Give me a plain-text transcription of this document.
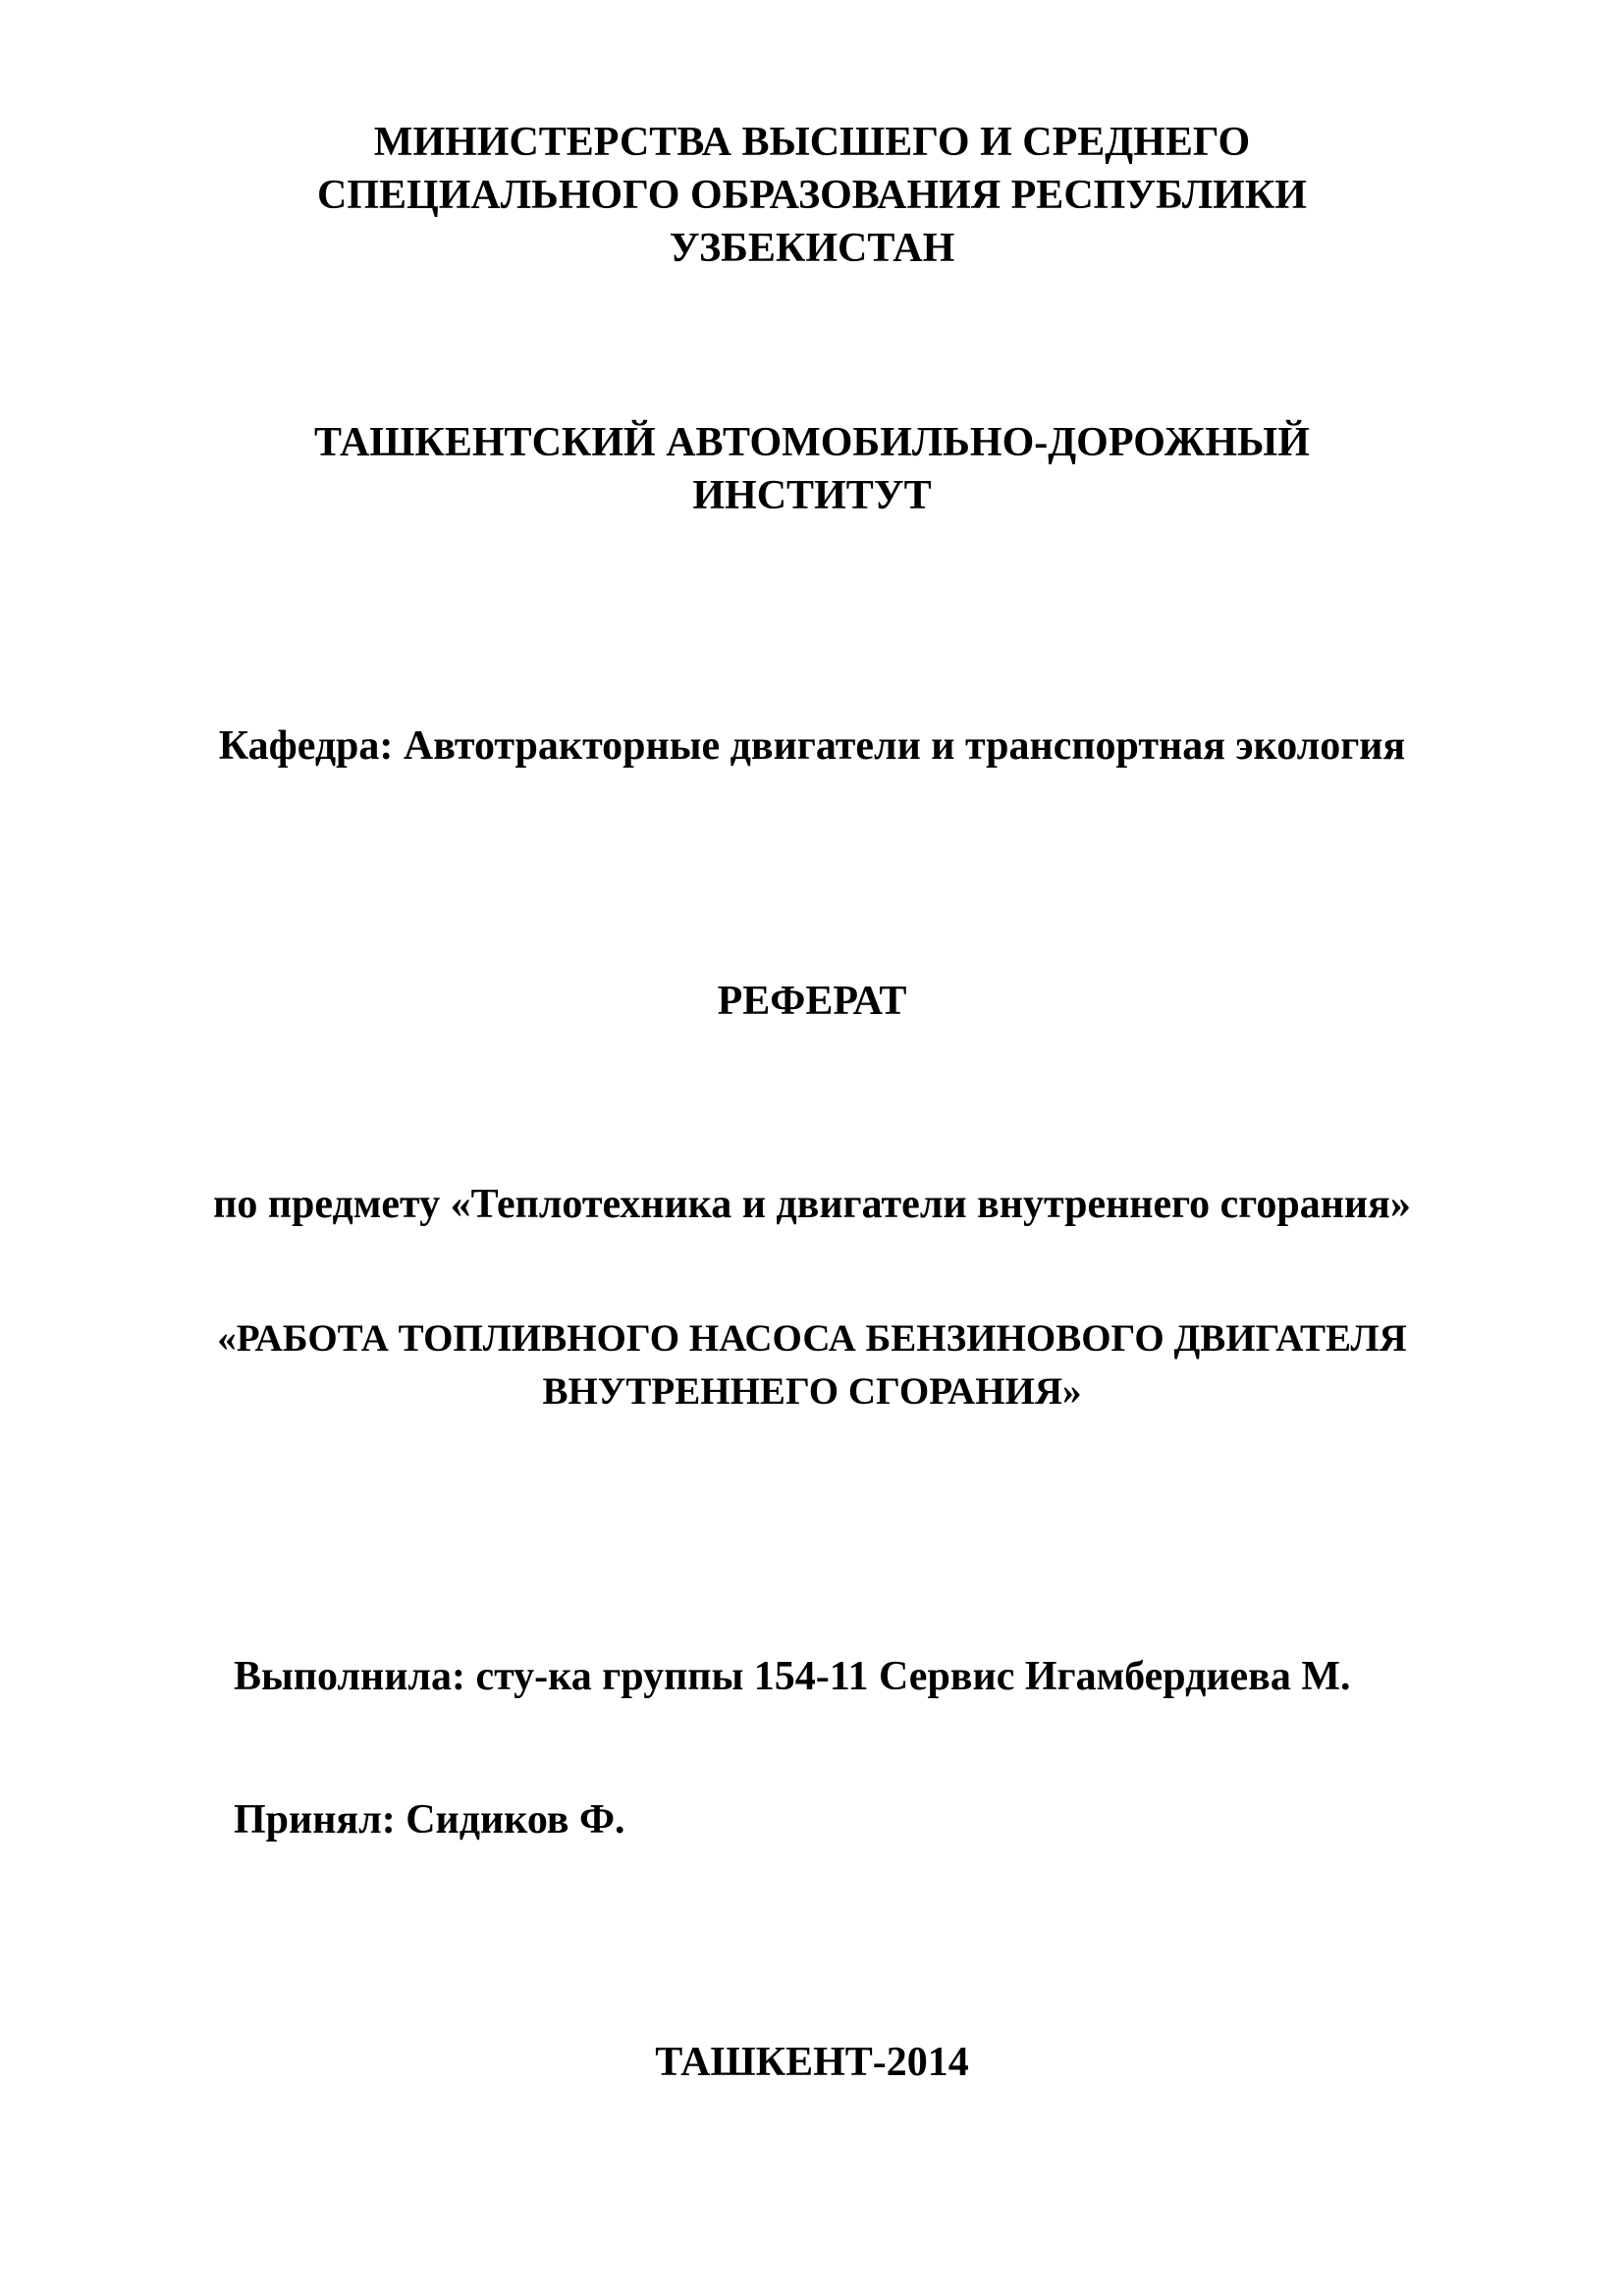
МИНИСТЕРСТВА ВЫСШЕГО И СРЕДНЕГО
СПЕЦИАЛЬНОГО ОБРАЗОВАНИЯ РЕСПУБЛИКИ
УЗБЕКИСТАН
ТАШКЕНТСКИЙ АВТОМОБИЛЬНО-ДОРОЖНЫЙ
ИНСТИТУТ
Кафедра: Автотракторные двигатели и транспортная экология
РЕФЕРАТ
по предмету «Теплотехника и двигатели внутреннего сгорания»
«РАБОТА ТОПЛИВНОГО НАСОСА БЕНЗИНОВОГО ДВИГАТЕЛЯ
ВНУТРЕННЕГО СГОРАНИЯ»
Выполнила: сту-ка группы 154-11 Сервис Игамбердиева М.
Принял: Сидиков Ф.
ТАШКЕНТ-2014
